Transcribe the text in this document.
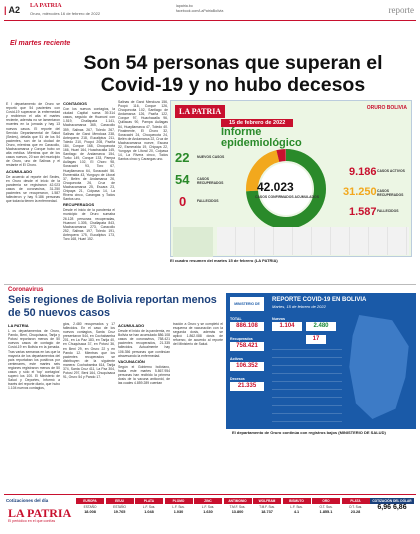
| A2 LA PATRIA
Oruro, miércoles 16 de febrero de 2022
lapatria.bo
facebook.com/LaPatriaBolivia	reporte
El martes reciente
Son 54 personas que superan el Covid-19 y no hubo decesos
E l departamento de Oruro se reportó que 54 pacientes con Covid-19 superaron la enfermedad y recibieron el alta el martes reciente, además no se lamentaron muertes en la jornada y hay 13 nuevos casos. El reporte del Servicio Departamental de Salud (Sedes), detalla que 51 de los 54 pacientes, son de la ciudad de Oruro, mientras que en Caracollo, Machacamarca y Corque hubo un alta médica. Mientras que de los casos nuevos, 20 son del municipio de Oruro, uno de Salinas y el restante el El Choro.
ACUMULADO
De acuerdo al reporte del Sedes, en Oruro desde el inicio de la pandemia se registraron 42.023 casos de coronavirus, 31.250 pacientes se recuperaron, 1.587 fallecieron y hay 9.186 personas que todavía tienen la enfermedad.
CONTAGIOS
Con los nuevos contagios, la ciudad Capital suma 39.314 casos, seguido de Huanuni con 1.519, Challapata 1.141, Machacamarca 365, Caracollo 359, Salinas 267, Toledo 267, Salinas de Garci Mendoza 238, Antequera 218, Eucaliptus 211, Toledo 210, Poopó 208, Pazña 184, Corque 168, Choquecota 166, Huari 164, Huachacalla 145, Santiago de Andamarca 154, Turko 149, Corque 133, Pampa Aullagas 102, El Choro 98, Soracachi 93, Toro 67, Huayllamarca 64, Soracachi 56. Esmeralda 43, Yunguyo de Litoral 37, Belén de Andamarca 26, Choquecota 26, Cruz de Machacamarca 25, Escara 23, Chipaya 21, Coipasa 14, La Rivera cinco, Carangas y Todos Santos uno.
RECUPERADOS
Desde el inicio de la pandemia el municipio de Oruro sumaba 26.128 personas recuperadas, Huanuni 1.305, Challapata 843, Machacamarca 273, Caracollo 252, Salinas 197, Toledo 191, Antequera 175, Eucaliptus 173, Toro 168, Huari 152.
Salinas de Garci Mendoza 156, Poopó 116, Corque 126, Choquecota 102, Santiago de Andamarca 126, Pazña 122, Corque 97, Huachacalla 96, Quillacas 90, Pampa Aullagas 84, Huayllamarca 47, Toledo 40. Finalmente, El Choro 32, Soracachi 24, Choquecota 24, Belén de Andamarca 22, Cruz de Machacamarca nueve, Escara 22, Esmeralda 19, Chipaya 22, Yunguyo de Litoral 20, Coipasa 14, La Rivera cinco, Todos Santos cinco y Carangas uno.
LA PATRIA
15 de febrero de 2022
Informe epidemiológico
ORURO BOLIVIA
22 NUEVOS CASOS
54 CASOS RECUPERADOS
0	FALLECIDOS
42.023
CASOS CONFIRMADOS ACUMULADOS
9.186 CASOS ACTIVOS
31.250 CASOS RECUPERADOS
1.587 FALLECIDOS
El cuadro resumen del martes 15 de febrero (LA PATRIA)
Coronavirus
Seis regiones de Bolivia reportan menos de 50 nuevos casos
LA PATRIA
L os departamentos de Oruro, Pando, Beni, Chuquisaca, Tarija y Potosí reportaron menos de 50 nuevos casos de contagio de Covid-19 en Bolivia en la jornada. Tras varias semanas en las que la mayoría de los departamentos del país reportaban los positivos por centenares, este martes seis regiones registraron menos de 50 casos y sólo el 'top' contagios' superó los 100. El Ministerio de Salud y Deportes, informó a través del reporte diario, que hubo 1.104 nuevos contagios,
gios, 2.480 recuperados y 17 fallecidos. En el caso de los nuevos contagios, Santa Cruz presentaron 544, en Cochabamba 201, en La Paz 183, en Tarija 40, en Chuquisaca 37, en Potosí 36, en Beni 29, en Oruro 22 y en Pando 12. Mientras que los pacientes recuperados se distribuyen de la siguiente manera: Cochabamba 614, Tarija 374, Santa Cruz 411, La Paz 304, Potosí 297, Beni 164, Chuquisaca 91, Oruro 54 y Pando 17.
ACUMULADO
Desde el inicio de la pandemia, en Bolivia se han acumulado 886.108 casos de coronavirus, 758.421 pacientes recuperados, 21.335 fallecidos. Actualmente hay 106.356 personas que continúan atravesando la enfermedad.
VACUNACIÓN
Según el Gobierno boliviano, hasta este martes 5.867.954 personas han recibido la primera dosis de la vacuna anticovid, de las cuales 4.859.289 cuentan
tración a Oruro y se completó el esquema de vacunación con la segunda dosis, además se aplicó 1.862.088 dosis de refuerzo, de acuerdo al reporte del Ministerio de Salud.
MINISTERIO DE SALUD
REPORTE COVID-19 EN BOLIVIA
Martes, 15 de febrero de 2022
TOTAL
886.108
Recuperados
758.421
Activos
106.352
Decesos
21.335
Nuevos
1.104	2.480
17
El departamento de Oruro continúa con registros bajos (MINISTERIO DE SALUD)
Cotizaciones del día
LA PATRIA
El periódico en el que confías
EUROPA
ESTAÑO
18.008
EEUU
ESTAÑO
19.765
PLATA
L.F. Sus.
1.048
PLOMO
L.F. Sus.
1.030
ZINC
L.F. Sus.
1.630
ANTIMONIO
T.M.F. Sus.
13.800
WOLFRAM
T.M.F. Sus.
18.737
BISMUTO
L.F. Sus.
4.1
ORO
O.T. Sus.
1.855.1
PLATA
O.T. Sus.
23.28
COTIZACIÓN DEL DÓLAR
6,96 6,86
